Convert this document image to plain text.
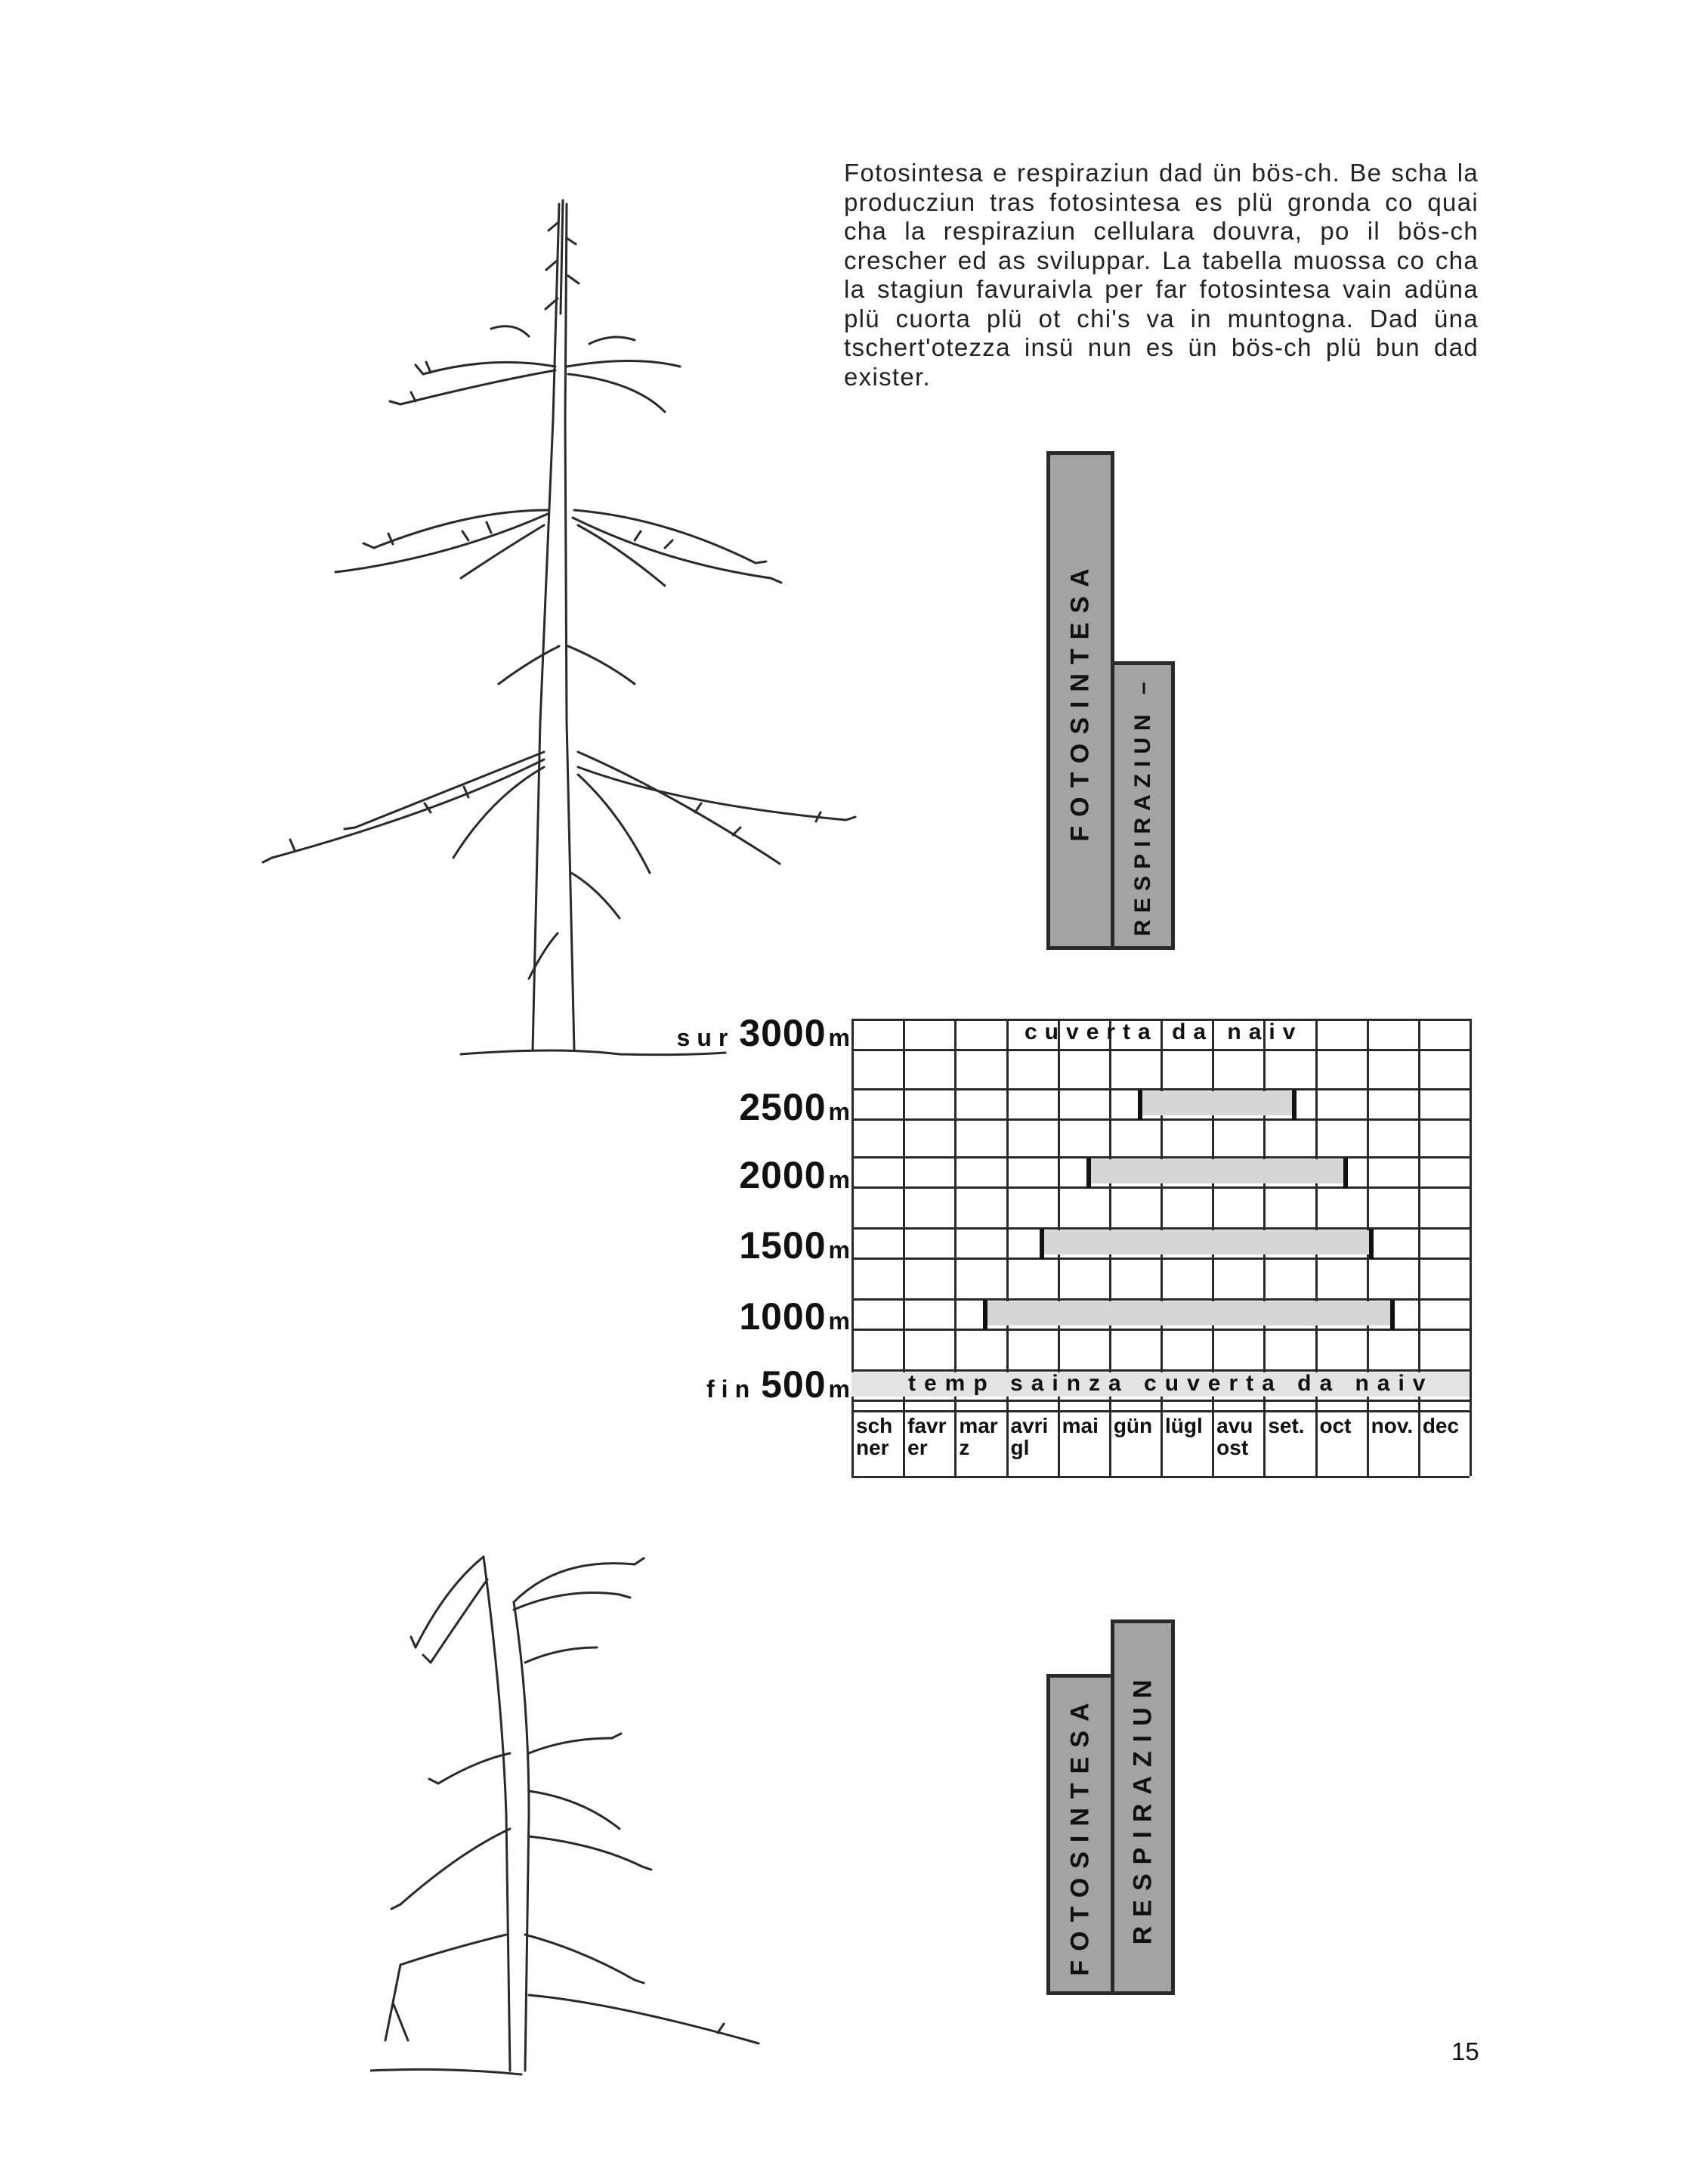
Fotosintesa e respiraziun dad ün bös-ch. Be scha la producziun tras fotosintesa es plü gronda co quai cha la respiraziun cellulara douvra, po il bös-ch crescher ed as sviluppar. La tabella muossa co cha la stagiun favuraivla per far fotosintesa vain adüna plü cuorta plü ot chi's va in muntogna. Dad üna tschert'otezza insü nun es ün bös-ch plü bun dad exister.

FOTOSINTESA RESPIRAZIUN –
FOTOSINTESA RESPIRAZIUN
sur 3000m
2500m
2000m
1500m
1000m
fin 500m
cuverta da naiv
temp sainza cuverta da naiv
schner
favrer
marz
avrigl
mai gün lügl avuost
set. oct nov. dec
15
